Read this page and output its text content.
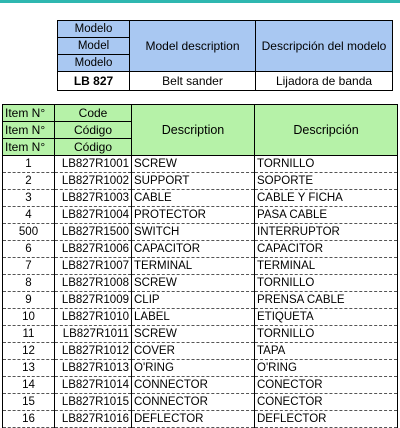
Modelo	Model description	Descripción del modelo
Model		
Modelo		
LB 827	Belt sander	Lijadora de banda
Item N°	Code	Description	Descripción
Item N°	Código		
Item N°	Código		
1	LB827R1001	SCREW	TORNILLO
2	LB827R1002	SUPPORT	SOPORTE
3	LB827R1003	CABLE	CABLE Y FICHA
4	LB827R1004	PROTECTOR	PASA CABLE
500	LB827R1500	SWITCH	INTERRUPTOR
6	LB827R1006	CAPACITOR	CAPACITOR
7	LB827R1007	TERMINAL	TERMINAL
8	LB827R1008	SCREW	TORNILLO
9	LB827R1009	CLIP	PRENSA CABLE
10	LB827R1010	LABEL	ETIQUETA
11	LB827R1011	SCREW	TORNILLO
12	LB827R1012	COVER	TAPA
13	LB827R1013	O'RING	O'RING
14	LB827R1014	CONNECTOR	CONECTOR
15	LB827R1015	CONNECTOR	CONECTOR
16	LB827R1016	DEFLECTOR	DEFLECTOR
